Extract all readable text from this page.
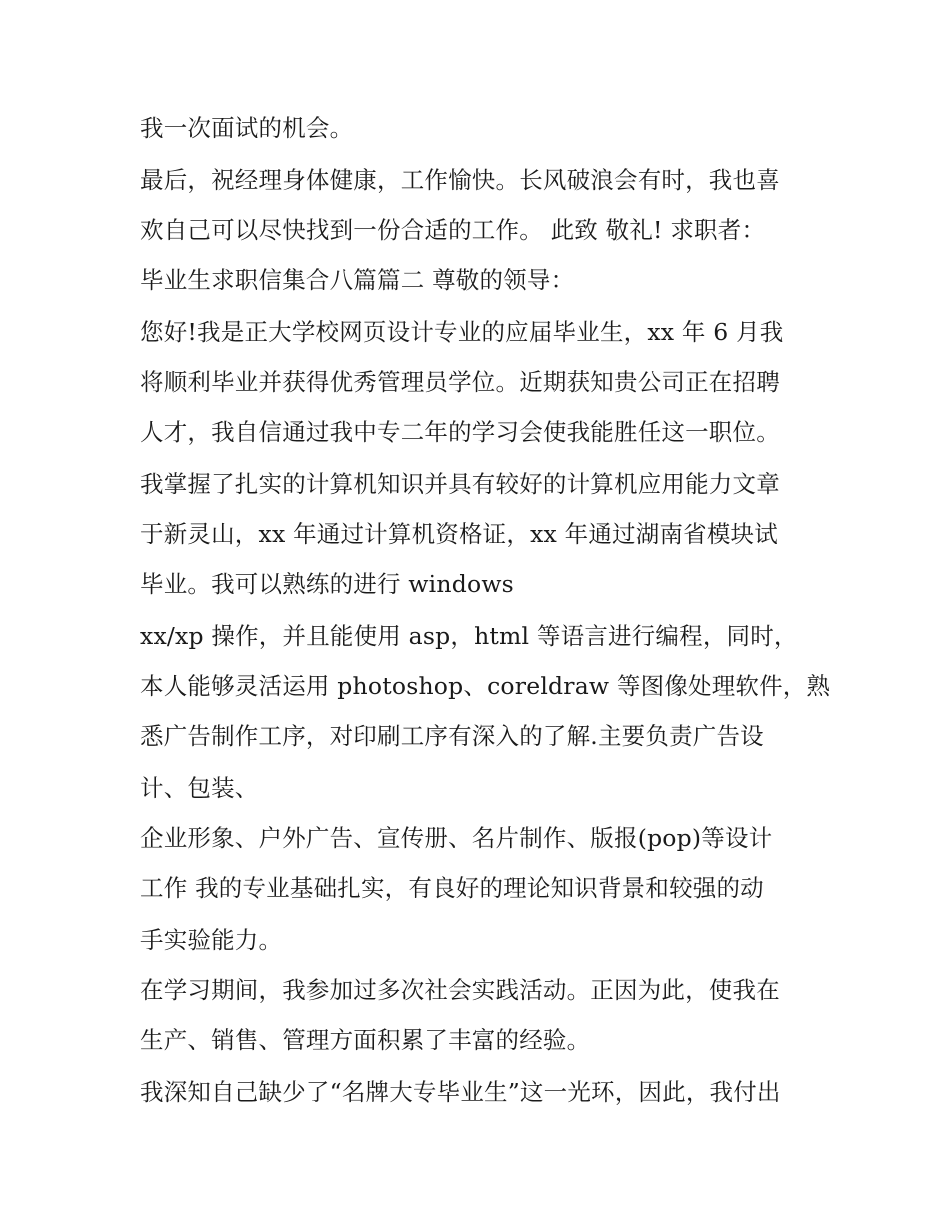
我一次面试的机会。
最后，祝经理身体健康，工作愉快。长风破浪会有时，我也喜
欢自己可以尽快找到一份合适的工作。 此致 敬礼! 求职者：
毕业生求职信集合八篇篇二 尊敬的领导：
您好!我是正大学校网页设计专业的应届毕业生，xx 年 6 月我
将顺利毕业并获得优秀管理员学位。近期获知贵公司正在招聘
人才，我自信通过我中专二年的学习会使我能胜任这一职位。
我掌握了扎实的计算机知识并具有较好的计算机应用能力文章
于新灵山，xx 年通过计算机资格证，xx 年通过湖南省模块试
毕业。我可以熟练的进行 windows
xx/xp 操作，并且能使用 asp，html 等语言进行编程，同时，
本人能够灵活运用 photoshop、coreldraw 等图像处理软件，熟
悉广告制作工序，对印刷工序有深入的了解.主要负责广告设
计、包装、
企业形象、户外广告、宣传册、名片制作、版报(pop)等设计
工作 我的专业基础扎实，有良好的理论知识背景和较强的动
手实验能力。
在学习期间，我参加过多次社会实践活动。正因为此，使我在
生产、销售、管理方面积累了丰富的经验。
我深知自己缺少了“名牌大专毕业生”这一光环，因此，我付出
